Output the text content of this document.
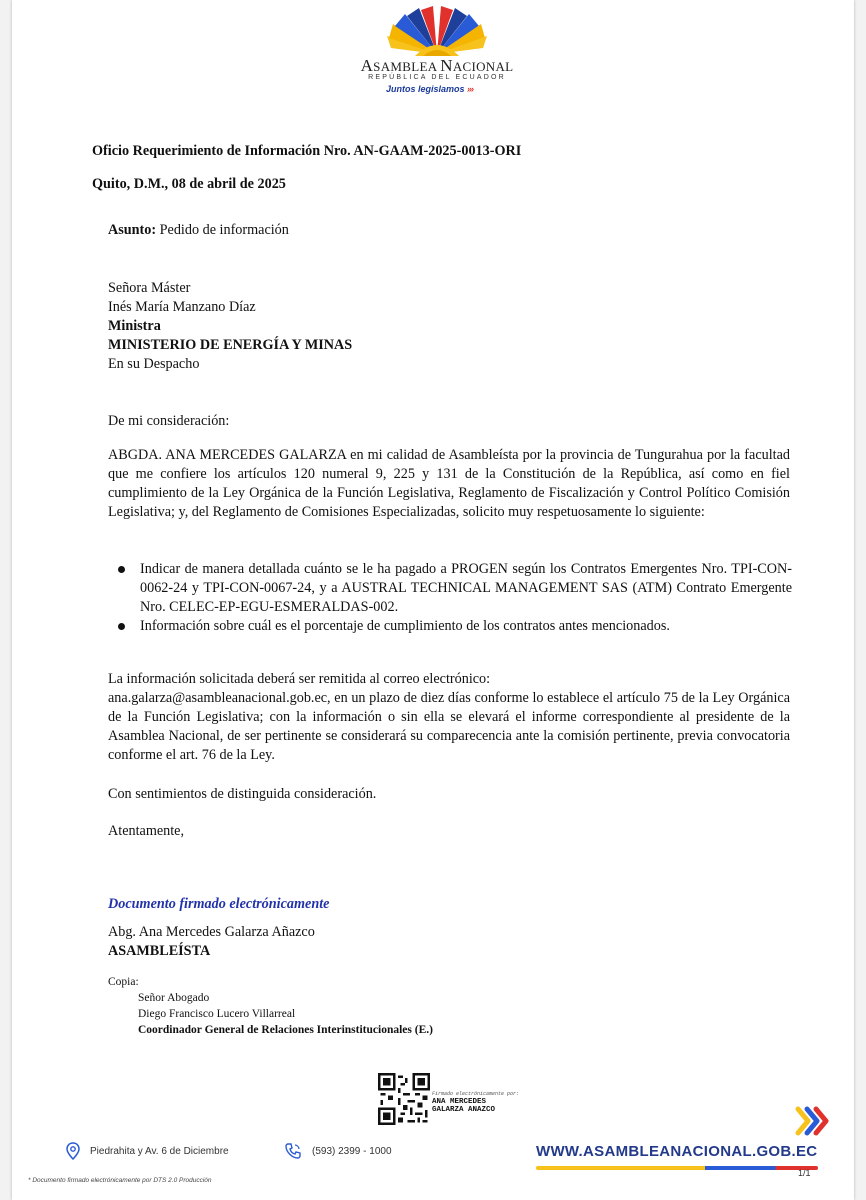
ASAMBLEA NACIONAL
REPÚBLICA DEL ECUADOR
Juntos legislamos ›››
Oficio Requerimiento de Información Nro. AN-GAAM-2025-0013-ORI
Quito, D.M., 08 de abril de 2025
Asunto: Pedido de información
Señora Máster
Inés María Manzano Díaz
Ministra
MINISTERIO DE ENERGÍA Y MINAS
En su Despacho
De mi consideración:
ABGDA. ANA MERCEDES GALARZA en mi calidad de Asambleísta por la provincia de Tungurahua por la facultad que me confiere los artículos 120 numeral 9, 225 y 131 de la Constitución de la República, así como en fiel cumplimiento de la Ley Orgánica de la Función Legislativa, Reglamento de Fiscalización y Control Político Comisión Legislativa; y, del Reglamento de Comisiones Especializadas, solicito muy respetuosamente lo siguiente:
Indicar de manera detallada cuánto se le ha pagado a PROGEN según los Contratos Emergentes Nro. TPI-CON-0062-24 y TPI-CON-0067-24, y a AUSTRAL TECHNICAL MANAGEMENT SAS (ATM) Contrato Emergente Nro. CELEC-EP-EGU-ESMERALDAS-002.
Información sobre cuál es el porcentaje de cumplimiento de los contratos antes mencionados.
La información solicitada deberá ser remitida al correo electrónico:
ana.galarza@asambleanacional.gob.ec, en un plazo de diez días conforme lo establece el artículo 75 de la Ley Orgánica de la Función Legislativa; con la información o sin ella se elevará el informe correspondiente al presidente de la Asamblea Nacional, de ser pertinente se considerará su comparecencia ante la comisión pertinente, previa convocatoria conforme el art. 76 de la Ley.
Con sentimientos de distinguida consideración.
Atentamente,
Documento firmado electrónicamente
Abg. Ana Mercedes Galarza Añazco
ASAMBLEÍSTA
Copia:
Señor Abogado
Diego Francisco Lucero Villarreal
Coordinador General de Relaciones Interinstitucionales (E.)
Firmado electrónicamente por:
ANA MERCEDES
GALARZA ANAZCO
Piedrahita y Av. 6 de Diciembre	(593) 2399 - 1000	WWW.ASAMBLEANACIONAL.GOB.EC
1/1
* Documento firmado electrónicamente por DTS 2.0 Producción
